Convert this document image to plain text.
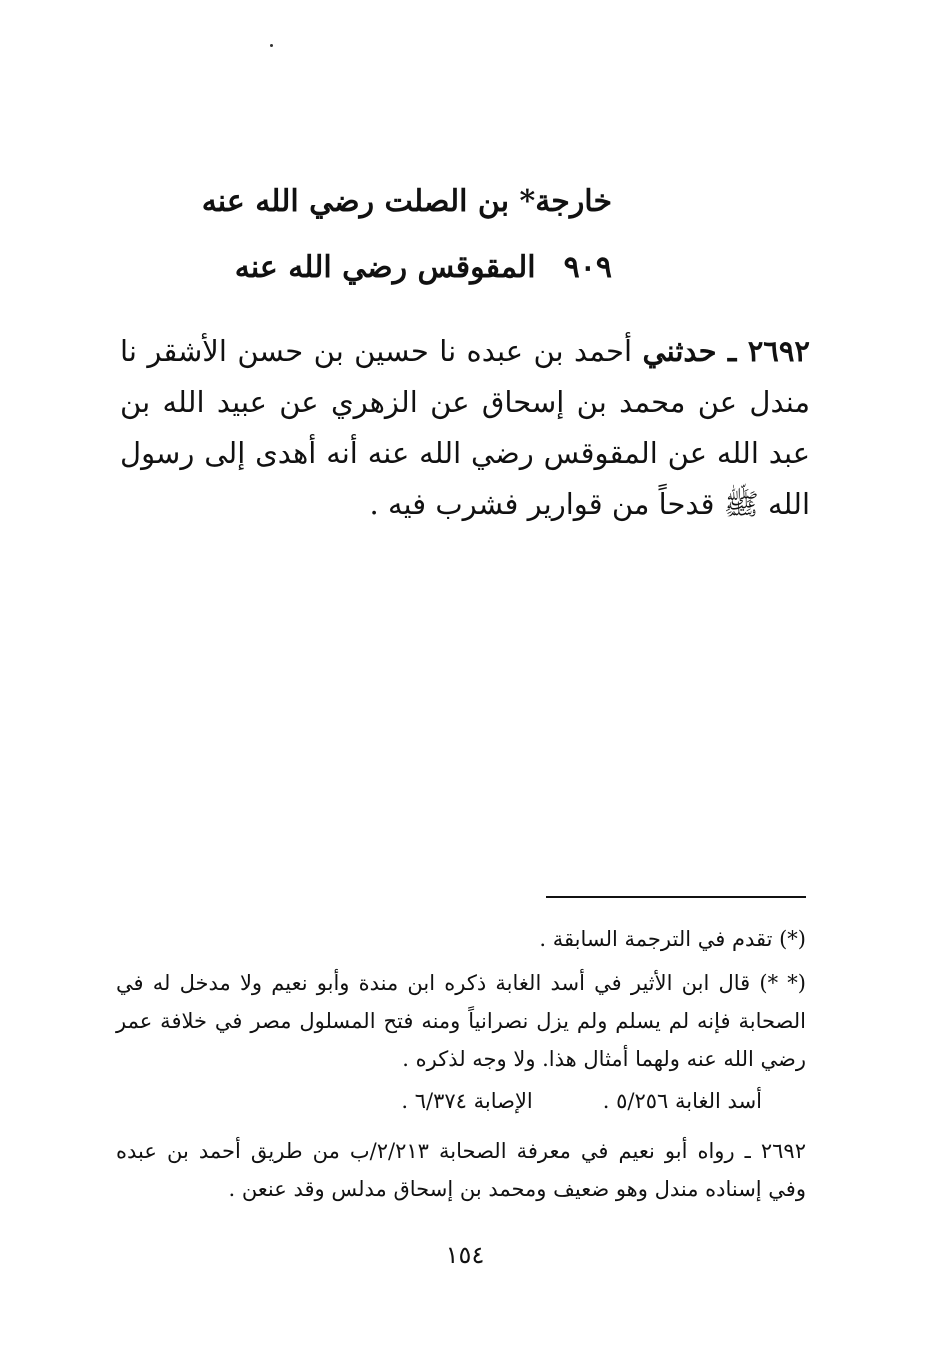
خارجة* بن الصلت رضي الله عنه
٩٠٩المقوقس رضي الله عنه
٢٦٩٢ ـ حدثني أحمد بن عبده نا حسين بن حسن الأشقر نا مندل عن محمد بن إسحاق عن الزهري عن عبيد الله بن عبد الله عن المقوقس رضي الله عنه أنه أهدى إلى رسول الله ﷺ قدحاً من قوارير فشرب فيه .
(*) تقدم في الترجمة السابقة .
(* *) قال ابن الأثير في أسد الغابة ذكره ابن مندة وأبو نعيم ولا مدخل له في الصحابة فإنه لم يسلم ولم يزل نصرانياً ومنه فتح المسلول مصر في خلافة عمر رضي الله عنه ولهما أمثال هذا. ولا وجه لذكره .
أسد الغابة ٥/٢٥٦ .الإصابة ٦/٣٧٤ .
٢٦٩٢ ـ رواه أبو نعيم في معرفة الصحابة ٢/٢١٣/ب من طريق أحمد بن عبده وفي إسناده مندل وهو ضعيف ومحمد بن إسحاق مدلس وقد عنعن .
١٥٤
